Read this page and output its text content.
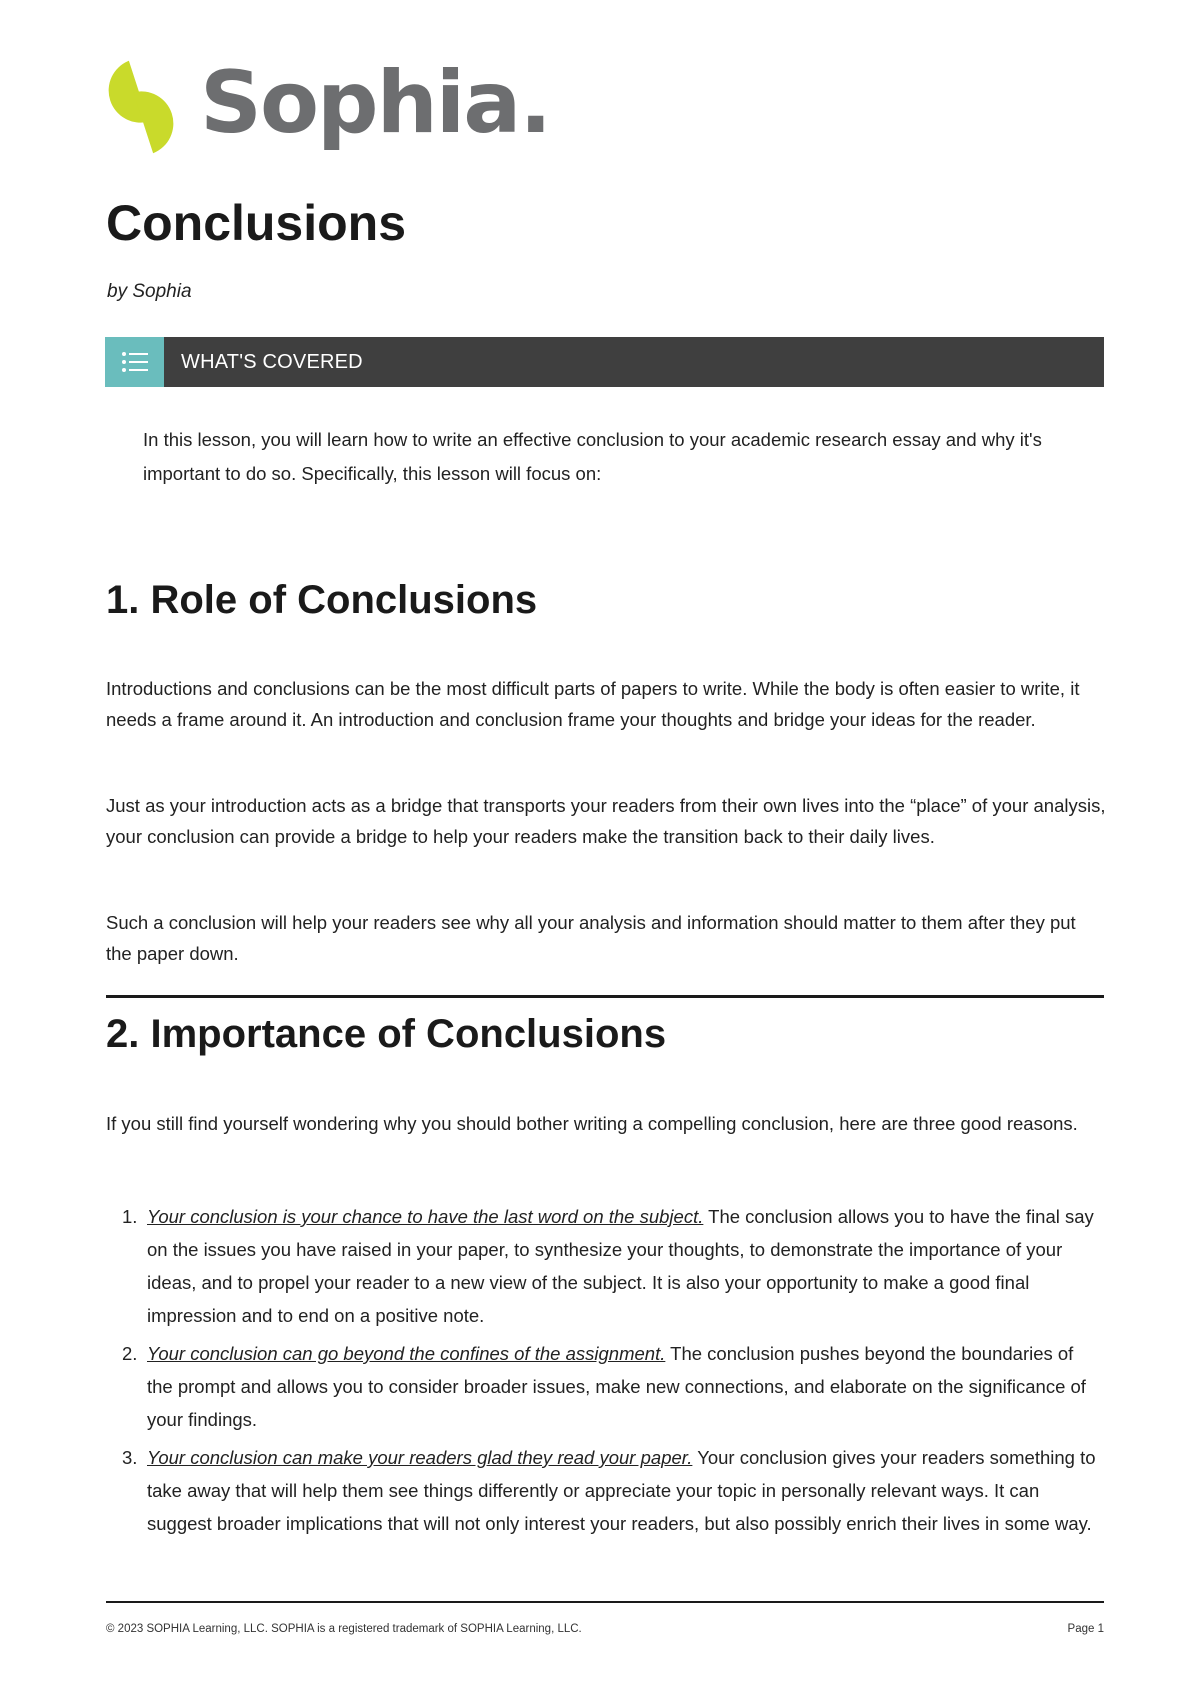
Sophia.
Conclusions
by Sophia
WHAT'S COVERED

In this lesson, you will learn how to write an effective conclusion to your academic research essay and why it's important to do so. Specifically, this lesson will focus on:

1. Role of Conclusions

Introductions and conclusions can be the most difficult parts of papers to write. While the body is often easier to write, it needs a frame around it. An introduction and conclusion frame your thoughts and bridge your ideas for the reader.

Just as your introduction acts as a bridge that transports your readers from their own lives into the “place” of your analysis, your conclusion can provide a bridge to help your readers make the transition back to their daily lives.

Such a conclusion will help your readers see why all your analysis and information should matter to them after they put the paper down.

2. Importance of Conclusions

If you still find yourself wondering why you should bother writing a compelling conclusion, here are three good reasons.

1. Your conclusion is your chance to have the last word on the subject. The conclusion allows you to have the final say on the issues you have raised in your paper, to synthesize your thoughts, to demonstrate the importance of your ideas, and to propel your reader to a new view of the subject. It is also your opportunity to make a good final impression and to end on a positive note.
2. Your conclusion can go beyond the confines of the assignment. The conclusion pushes beyond the boundaries of the prompt and allows you to consider broader issues, make new connections, and elaborate on the significance of your findings.
3. Your conclusion can make your readers glad they read your paper. Your conclusion gives your readers something to take away that will help them see things differently or appreciate your topic in personally relevant ways. It can suggest broader implications that will not only interest your readers, but also possibly enrich their lives in some way.
© 2023 SOPHIA Learning, LLC. SOPHIA is a registered trademark of SOPHIA Learning, LLC.	Page 1
